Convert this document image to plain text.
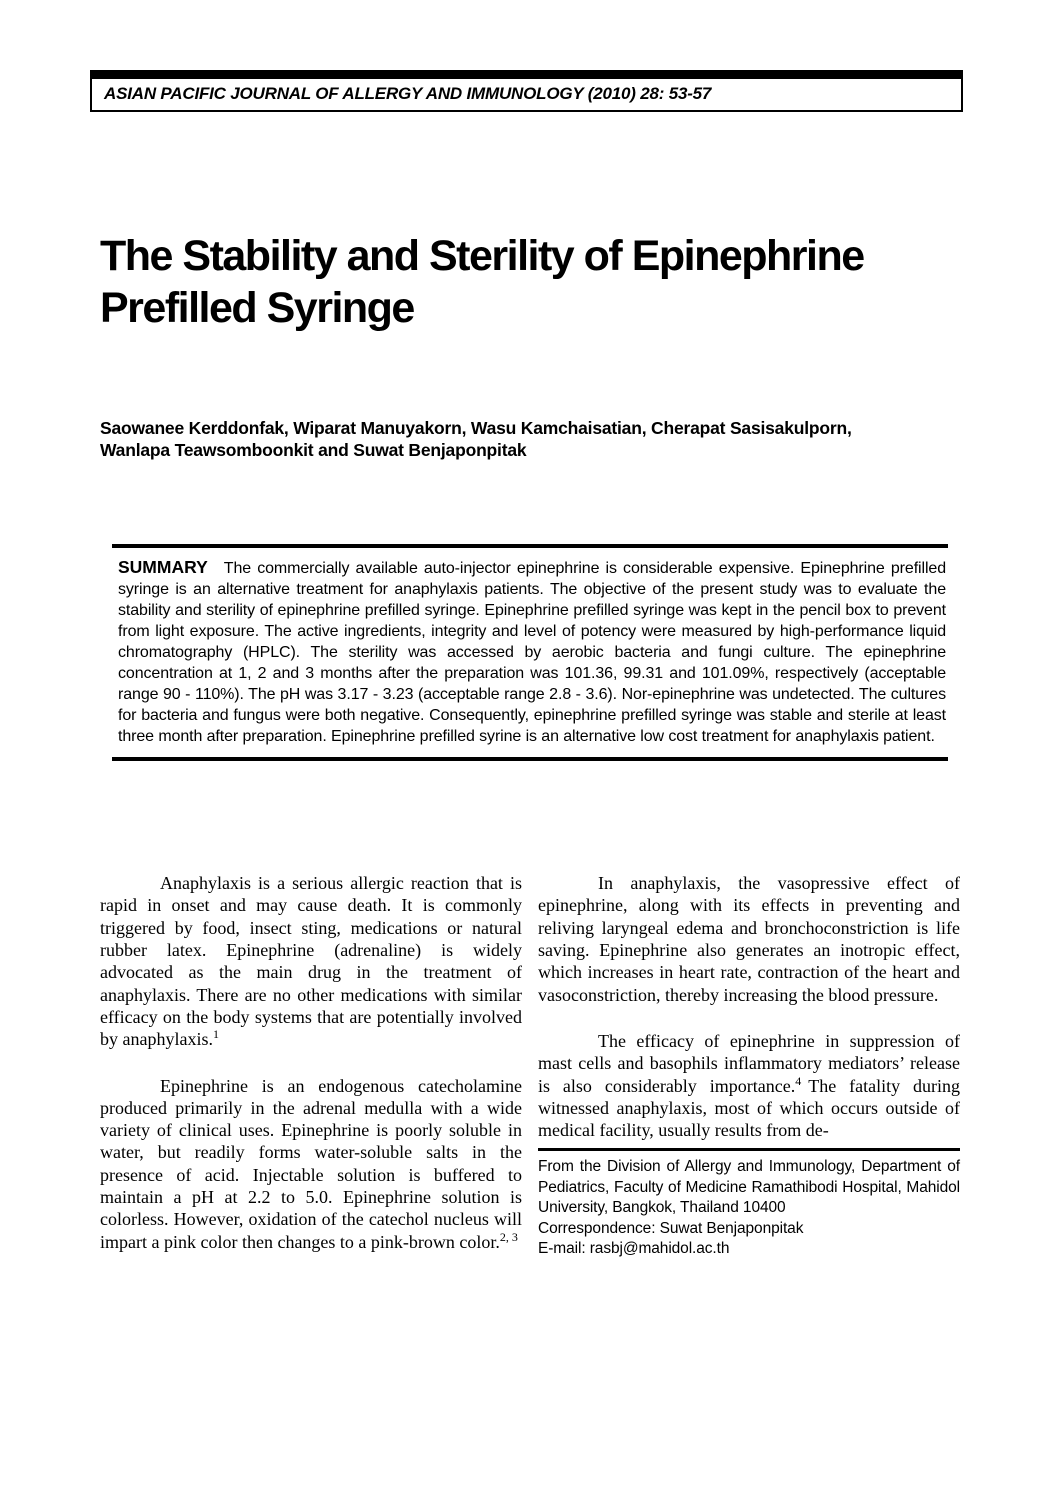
ASIAN PACIFIC JOURNAL OF ALLERGY AND IMMUNOLOGY (2010) 28: 53-57
The Stability and Sterility of Epinephrine Prefilled Syringe
Saowanee Kerddonfak, Wiparat Manuyakorn, Wasu Kamchaisatian, Cherapat Sasisakulporn, Wanlapa Teawsomboonkit and Suwat Benjaponpitak
SUMMARY The commercially available auto-injector epinephrine is considerable expensive. Epinephrine prefilled syringe is an alternative treatment for anaphylaxis patients. The objective of the present study was to evaluate the stability and sterility of epinephrine prefilled syringe. Epinephrine prefilled syringe was kept in the pencil box to prevent from light exposure. The active ingredients, integrity and level of potency were measured by high-performance liquid chromatography (HPLC). The sterility was accessed by aerobic bacteria and fungi culture. The epinephrine concentration at 1, 2 and 3 months after the preparation was 101.36, 99.31 and 101.09%, respectively (acceptable range 90 - 110%). The pH was 3.17 - 3.23 (acceptable range 2.8 - 3.6). Nor-epinephrine was undetected. The cultures for bacteria and fungus were both negative. Consequently, epinephrine prefilled syringe was stable and sterile at least three month after preparation. Epinephrine prefilled syrine is an alternative low cost treatment for anaphylaxis patient.

Anaphylaxis is a serious allergic reaction that is rapid in onset and may cause death. It is commonly triggered by food, insect sting, medications or natural rubber latex. Epinephrine (adrenaline) is widely advocated as the main drug in the treatment of anaphylaxis. There are no other medications with similar efficacy on the body systems that are potentially involved by anaphylaxis.$^1$

Epinephrine is an endogenous catecholamine produced primarily in the adrenal medulla with a wide variety of clinical uses. Epinephrine is poorly soluble in water, but readily forms water-soluble salts in the presence of acid. Injectable solution is buffered to maintain a pH at 2.2 to 5.0. Epinephrine solution is colorless. However, oxidation of the catechol nucleus will impart a pink color then changes to a pink-brown color.$^{2, 3}$

In anaphylaxis, the vasopressive effect of epinephrine, along with its effects in preventing and reliving laryngeal edema and bronchoconstriction is life saving. Epinephrine also generates an inotropic effect, which increases in heart rate, contraction of the heart and vasoconstriction, thereby increasing the blood pressure.

The efficacy of epinephrine in suppression of mast cells and basophils inflammatory mediators’ release is also considerably importance.$^4$ The fatality during witnessed anaphylaxis, most of which occurs outside of medical facility, usually results from de-

From the Division of Allergy and Immunology, Department of Pediatrics, Faculty of Medicine Ramathibodi Hospital, Mahidol University, Bangkok, Thailand 10400
Correspondence: Suwat Benjaponpitak
E-mail: rasbj@mahidol.ac.th
